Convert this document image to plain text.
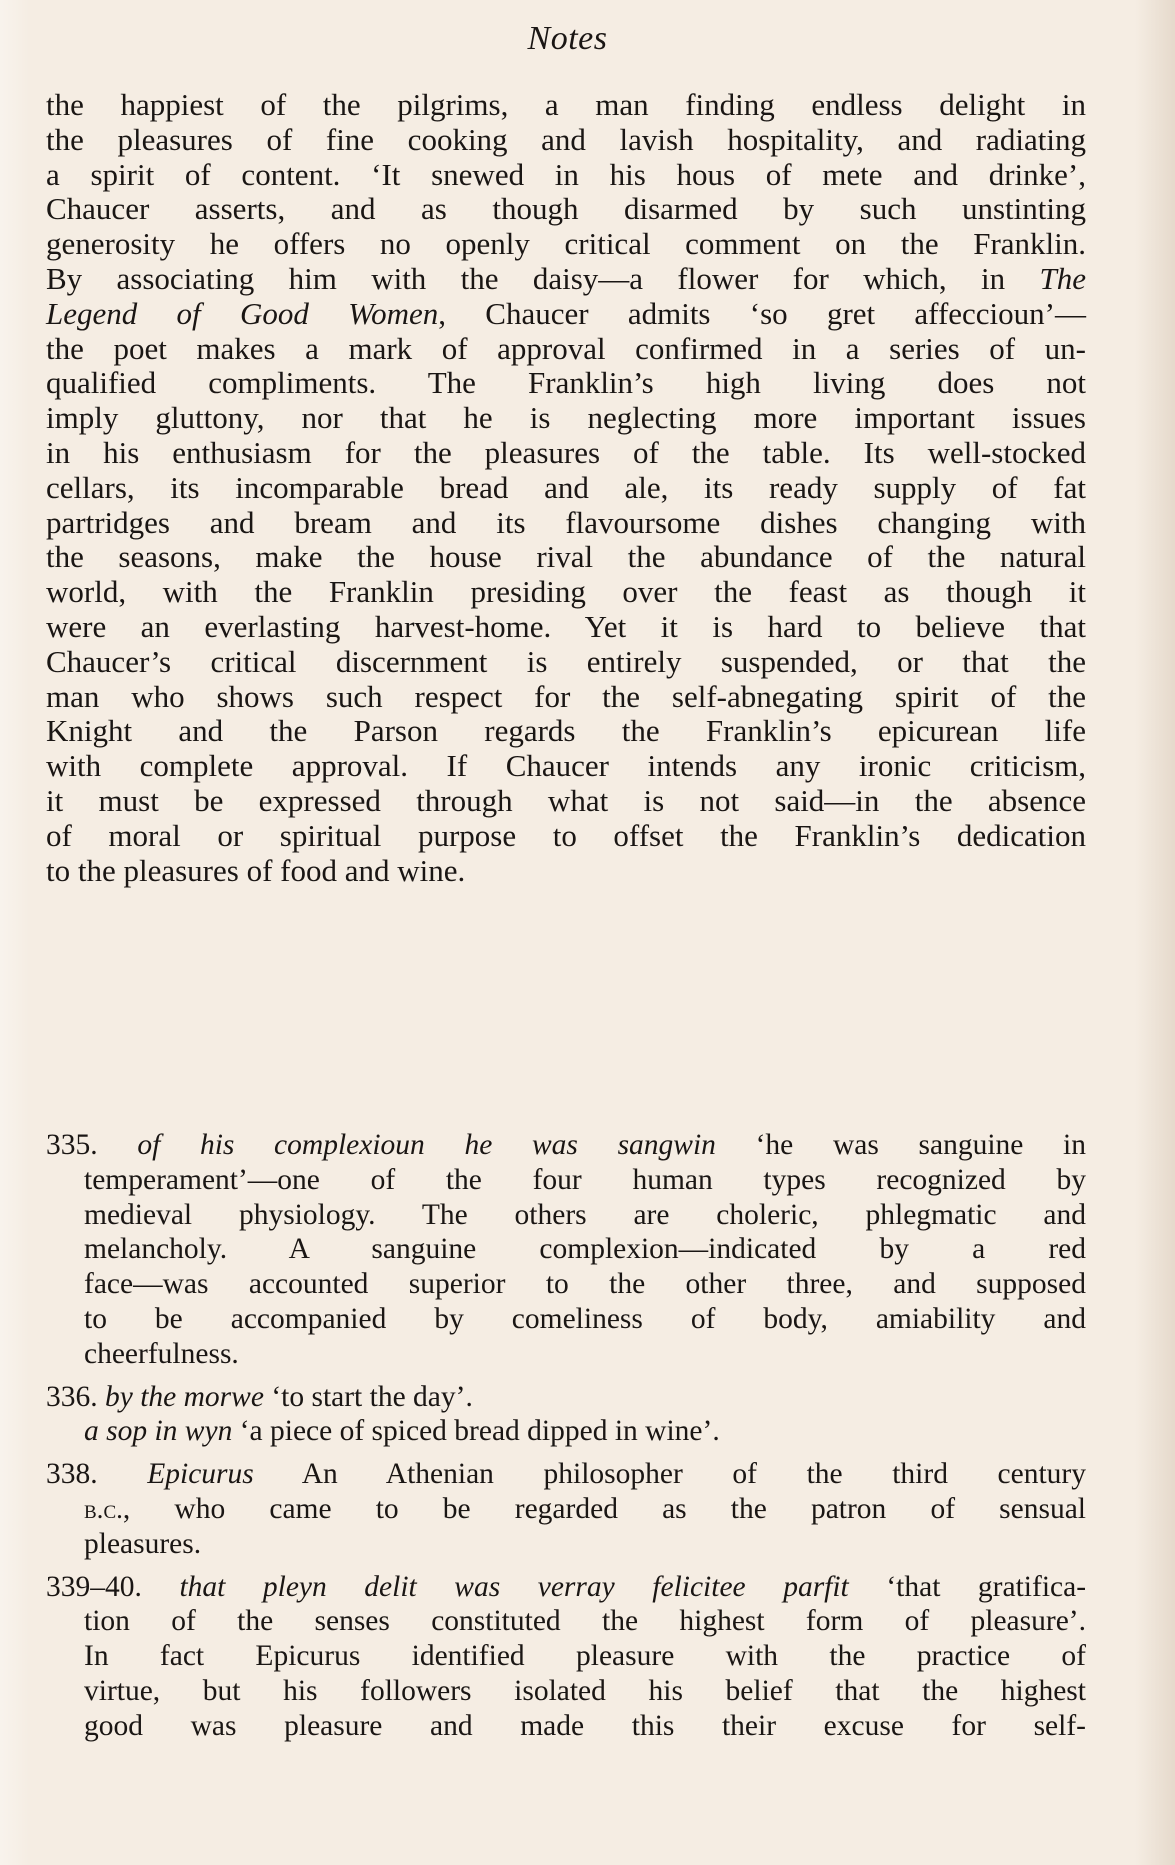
Notes
the happiest of the pilgrims, a man finding endless delight in
the pleasures of fine cooking and lavish hospitality, and radiating
a spirit of content. ‘It snewed in his hous of mete and drinke’,
Chaucer asserts, and as though disarmed by such unstinting
generosity he offers no openly critical comment on the Franklin.
By associating him with the daisy—a flower for which, in The
Legend of Good Women, Chaucer admits ‘so gret affeccioun’—
the poet makes a mark of approval confirmed in a series of un-
qualified compliments. The Franklin’s high living does not
imply gluttony, nor that he is neglecting more important issues
in his enthusiasm for the pleasures of the table. Its well-stocked
cellars, its incomparable bread and ale, its ready supply of fat
partridges and bream and its flavoursome dishes changing with
the seasons, make the house rival the abundance of the natural
world, with the Franklin presiding over the feast as though it
were an everlasting harvest-home. Yet it is hard to believe that
Chaucer’s critical discernment is entirely suspended, or that the
man who shows such respect for the self-abnegating spirit of the
Knight and the Parson regards the Franklin’s epicurean life
with complete approval. If Chaucer intends any ironic criticism,
it must be expressed through what is not said—in the absence
of moral or spiritual purpose to offset the Franklin’s dedication
to the pleasures of food and wine.
335. of his complexioun he was sangwin ‘he was sanguine in
temperament’—one of the four human types recognized by
medieval physiology. The others are choleric, phlegmatic and
melancholy. A sanguine complexion—indicated by a red
face—was accounted superior to the other three, and supposed
to be accompanied by comeliness of body, amiability and
cheerfulness.
336. by the morwe ‘to start the day’.
a sop in wyn ‘a piece of spiced bread dipped in wine’.
338. Epicurus An Athenian philosopher of the third century
b.c., who came to be regarded as the patron of sensual
pleasures.
339–40. that pleyn delit was verray felicitee parfit ‘that gratifica-
tion of the senses constituted the highest form of pleasure’.
In fact Epicurus identified pleasure with the practice of
virtue, but his followers isolated his belief that the highest
good was pleasure and made this their excuse for self-
